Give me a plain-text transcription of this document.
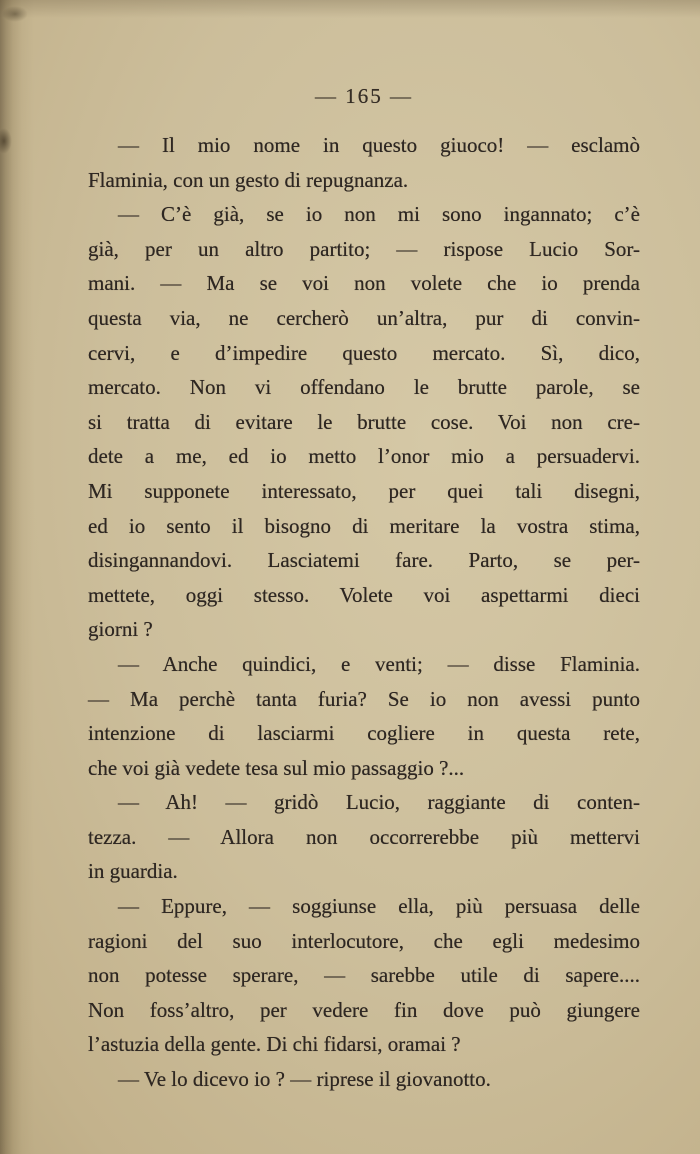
— 165 —
— Il mio nome in questo giuoco! — esclamò
Flaminia, con un gesto di repugnanza.
— C’è già, se io non mi sono ingannato; c’è
già, per un altro partito; — rispose Lucio Sor-
mani. — Ma se voi non volete che io prenda
questa via, ne cercherò un’altra, pur di convin-
cervi, e d’impedire questo mercato. Sì, dico,
mercato. Non vi offendano le brutte parole, se
si tratta di evitare le brutte cose. Voi non cre-
dete a me, ed io metto l’onor mio a persuadervi.
Mi supponete interessato, per quei tali disegni,
ed io sento il bisogno di meritare la vostra stima,
disingannandovi. Lasciatemi fare. Parto, se per-
mettete, oggi stesso. Volete voi aspettarmi dieci
giorni ?
— Anche quindici, e venti; — disse Flaminia.
— Ma perchè tanta furia? Se io non avessi punto
intenzione di lasciarmi cogliere in questa rete,
che voi già vedete tesa sul mio passaggio ?...
— Ah! — gridò Lucio, raggiante di conten-
tezza. — Allora non occorrerebbe più mettervi
in guardia.
— Eppure, — soggiunse ella, più persuasa delle
ragioni del suo interlocutore, che egli medesimo
non potesse sperare, — sarebbe utile di sapere....
Non foss’altro, per vedere fin dove può giungere
l’astuzia della gente. Di chi fidarsi, oramai ?
— Ve lo dicevo io ? — riprese il giovanotto.
